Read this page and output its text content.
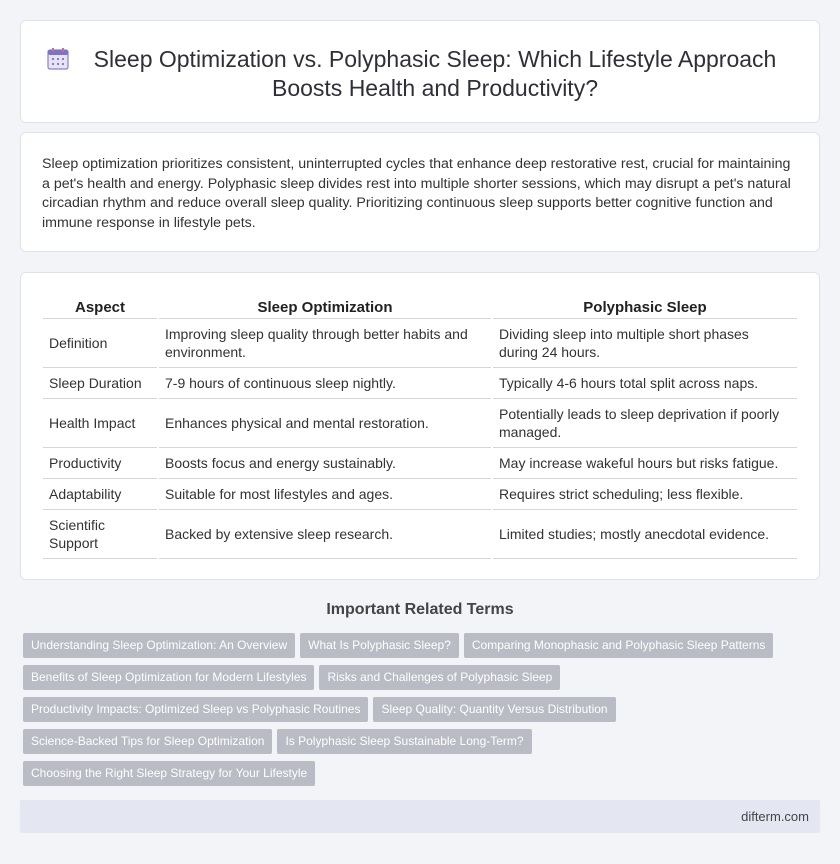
Sleep Optimization vs. Polyphasic Sleep: Which Lifestyle Approach Boosts Health and Productivity?

Sleep optimization prioritizes consistent, uninterrupted cycles that enhance deep restorative rest, crucial for maintaining a pet's health and energy. Polyphasic sleep divides rest into multiple shorter sessions, which may disrupt a pet's natural circadian rhythm and reduce overall sleep quality. Prioritizing continuous sleep supports better cognitive function and immune response in lifestyle pets.

Aspect	Sleep Optimization	Polyphasic Sleep
Definition	Improving sleep quality through better habits and environment.	Dividing sleep into multiple short phases during 24 hours.
Sleep Duration	7-9 hours of continuous sleep nightly.	Typically 4-6 hours total split across naps.
Health Impact	Enhances physical and mental restoration.	Potentially leads to sleep deprivation if poorly managed.
Productivity	Boosts focus and energy sustainably.	May increase wakeful hours but risks fatigue.
Adaptability	Suitable for most lifestyles and ages.	Requires strict scheduling; less flexible.
Scientific Support	Backed by extensive sleep research.	Limited studies; mostly anecdotal evidence.
Important Related Terms
Understanding Sleep Optimization: An Overview What Is Polyphasic Sleep? Comparing Monophasic and Polyphasic Sleep Patterns
Benefits of Sleep Optimization for Modern Lifestyles Risks and Challenges of Polyphasic Sleep
Productivity Impacts: Optimized Sleep vs Polyphasic Routines Sleep Quality: Quantity Versus Distribution
Science-Backed Tips for Sleep Optimization Is Polyphasic Sleep Sustainable Long-Term?
Choosing the Right Sleep Strategy for Your Lifestyle
difterm.com
